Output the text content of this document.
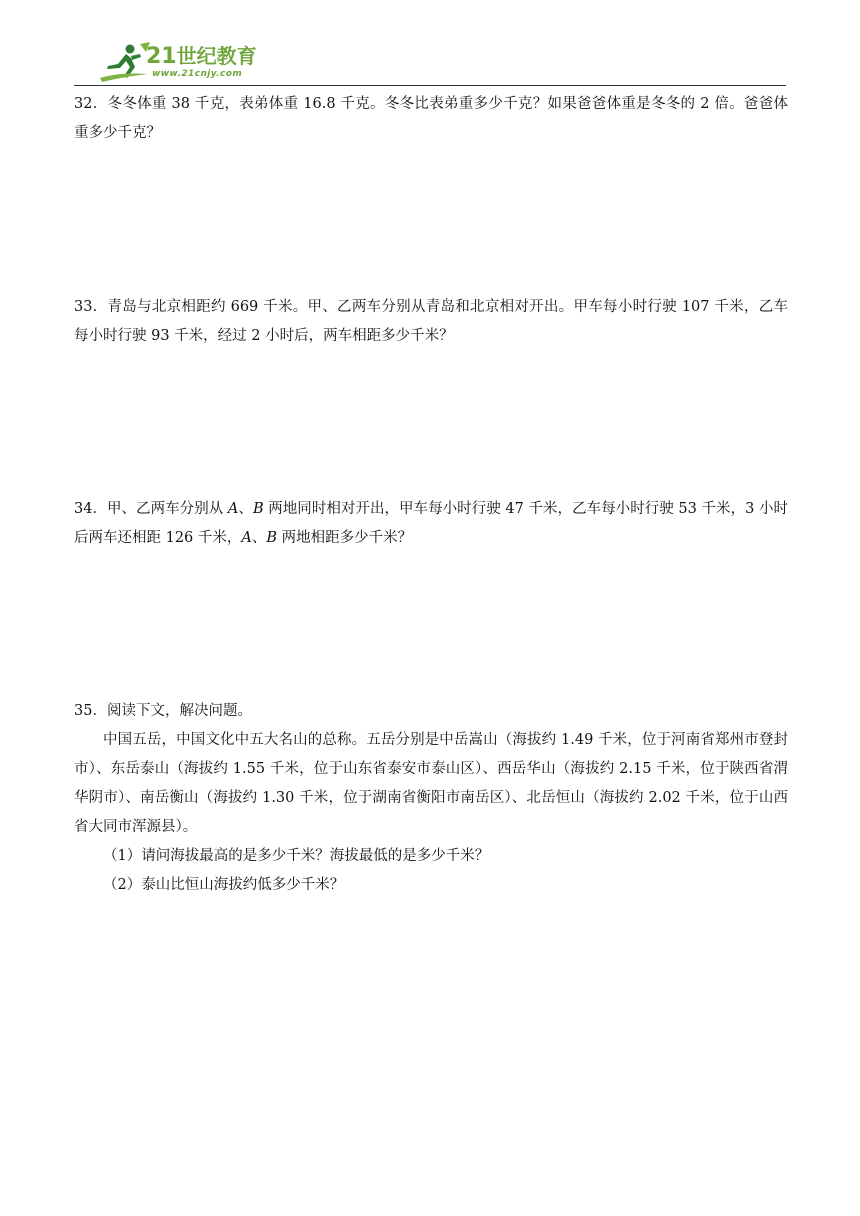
21世纪教育
www.21cnjy.com

32．冬冬体重 38 千克，表弟体重 16.8 千克。冬冬比表弟重多少千克？如果爸爸体重是冬冬的 2 倍。爸爸体重多少千克？

33．青岛与北京相距约 669 千米。甲、乙两车分别从青岛和北京相对开出。甲车每小时行驶 107 千米，乙车每小时行驶 93 千米，经过 2 小时后，两车相距多少千米？

34．甲、乙两车分别从 A、B 两地同时相对开出，甲车每小时行驶 47 千米，乙车每小时行驶 53 千米，3 小时后两车还相距 126 千米，A、B 两地相距多少千米？

35．阅读下文，解决问题。

中国五岳，中国文化中五大名山的总称。五岳分别是中岳嵩山（海拔约 1.49 千米，位于河南省郑州市登封市）、东岳泰山（海拔约 1.55 千米，位于山东省泰安市泰山区）、西岳华山（海拔约 2.15 千米，位于陕西省渭华阴市）、南岳衡山（海拔约 1.30 千米，位于湖南省衡阳市南岳区）、北岳恒山（海拔约 2.02 千米，位于山西省大同市浑源县）。

（1）请问海拔最高的是多少千米？海拔最低的是多少千米？

（2）泰山比恒山海拔约低多少千米？
